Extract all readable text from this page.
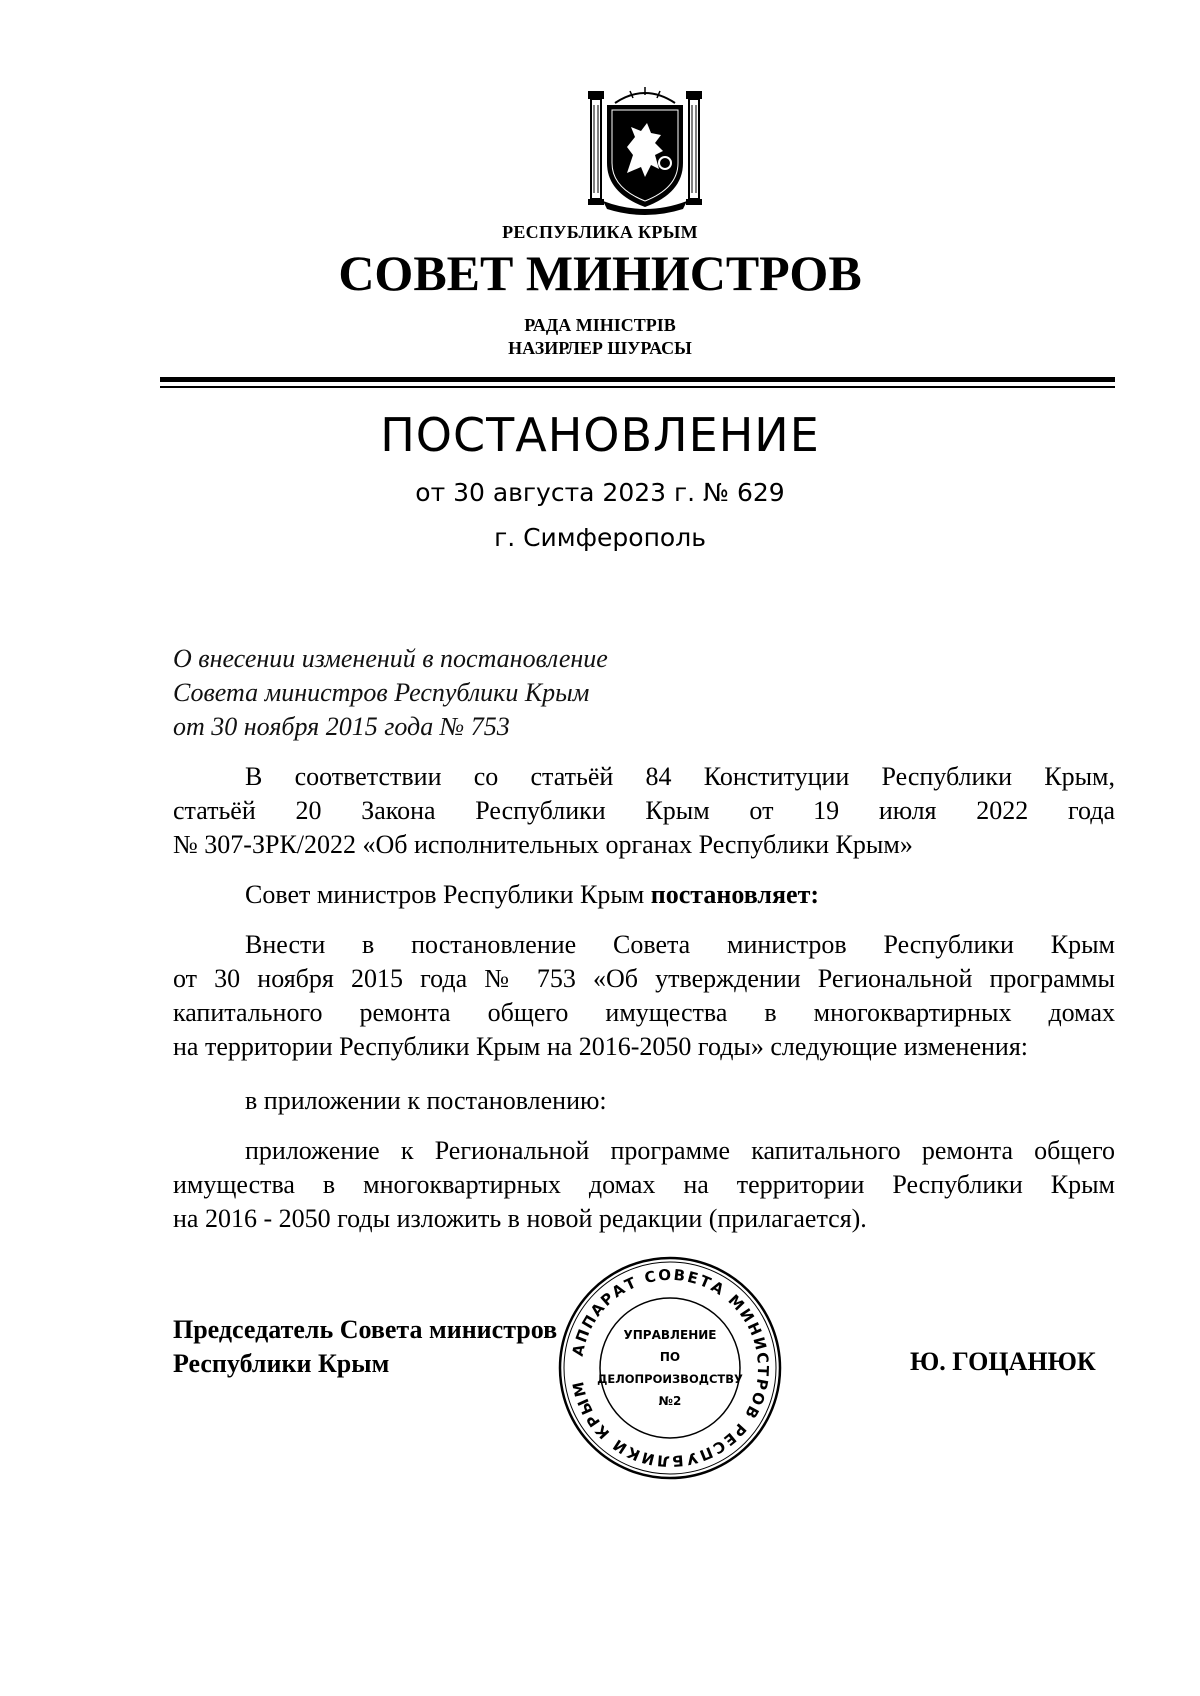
РЕСПУБЛИКА КРЫМ
СОВЕТ МИНИСТРОВ
РАДА МІНІСТРІВ
НАЗИРЛЕР ШУРАСЫ
ПОСТАНОВЛЕНИЕ
от 30 августа 2023 г. № 629
г. Симферополь
О внесении изменений в постановление
Совета министров Республики Крым
от 30 ноября 2015 года № 753
В соответствии со статьёй 84 Конституции Республики Крым,
статьёй 20 Закона Республики Крым от 19 июля 2022 года
№ 307-ЗРК/2022 «Об исполнительных органах Республики Крым»
Совет министров Республики Крым постановляет:
Внести в постановление Совета министров Республики Крым
от 30 ноября 2015 года № 753 «Об утверждении Региональной программы
капитального ремонта общего имущества в многоквартирных домах
на территории Республики Крым на 2016-2050 годы» следующие изменения:
в приложении к постановлению:
приложение к Региональной программе капитального ремонта общего
имущества в многоквартирных домах на территории Республики Крым
на 2016 - 2050 годы изложить в новой редакции (прилагается).
Председатель Совета министров
Республики Крым	Ю. ГОЦАНЮК
АППАРАТ СОВЕТА МИНИСТРОВ РЕСПУБЛИКИ КРЫМ
УПРАВЛЕНИЕ
ПО
ДЕЛОПРОИЗВОДСТВУ
№2
